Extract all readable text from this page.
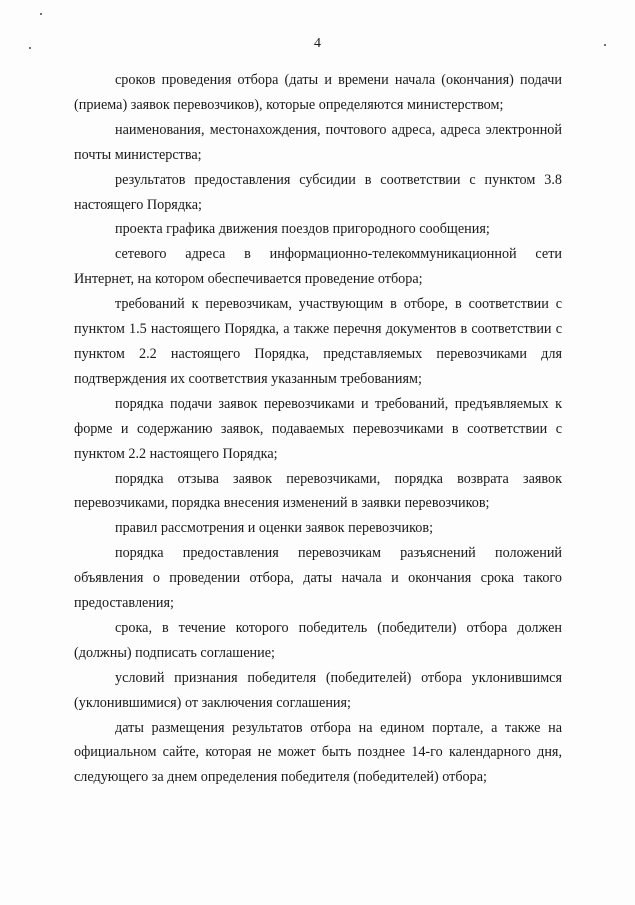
4

сроков проведения отбора (даты и времени начала (окончания) подачи (приема) заявок перевозчиков), которые определяются министерством;

наименования, местонахождения, почтового адреса, адреса электронной почты министерства;

результатов предоставления субсидии в соответствии с пунктом 3.8 настоящего Порядка;

проекта графика движения поездов пригородного сообщения;

сетевого адреса в информационно-телекоммуникационной сети Интернет, на котором обеспечивается проведение отбора;

требований к перевозчикам, участвующим в отборе, в соответствии с пунктом 1.5 настоящего Порядка, а также перечня документов в соответствии с пунктом 2.2 настоящего Порядка, представляемых перевозчиками для подтверждения их соответствия указанным требованиям;

порядка подачи заявок перевозчиками и требований, предъявляемых к форме и содержанию заявок, подаваемых перевозчиками в соответствии с пунктом 2.2 настоящего Порядка;

порядка отзыва заявок перевозчиками, порядка возврата заявок перевозчиками, порядка внесения изменений в заявки перевозчиков;

правил рассмотрения и оценки заявок перевозчиков;

порядка предоставления перевозчикам разъяснений положений объявления о проведении отбора, даты начала и окончания срока такого предоставления;

срока, в течение которого победитель (победители) отбора должен (должны) подписать соглашение;

условий признания победителя (победителей) отбора уклонившимся (уклонившимися) от заключения соглашения;

даты размещения результатов отбора на едином портале, а также на официальном сайте, которая не может быть позднее 14-го календарного дня, следующего за днем определения победителя (победителей) отбора;
